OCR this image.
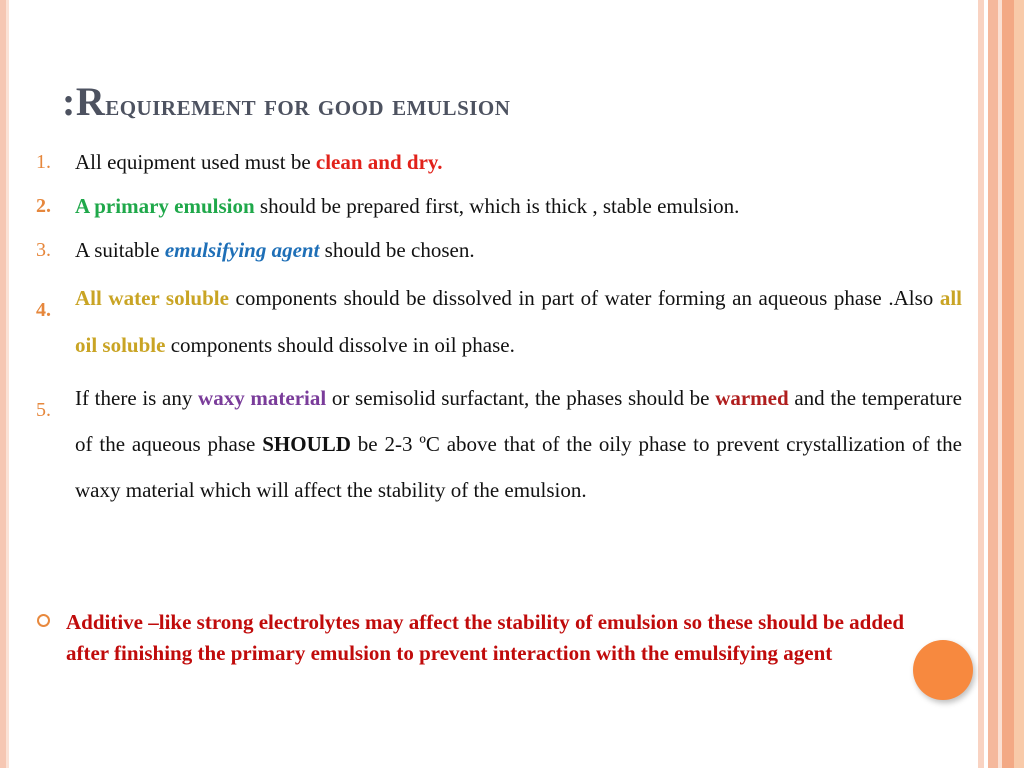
:Requirement for good emulsion
1. All equipment used must be clean and dry.
2. A primary emulsion should be prepared first, which is thick , stable emulsion.
3. A suitable emulsifying agent should be chosen.
4. All water soluble components should be dissolved in part of water forming an aqueous phase .Also all oil soluble components should dissolve in oil phase.
5. If there is any waxy material or semisolid surfactant, the phases should be warmed and the temperature of the aqueous phase SHOULD be 2-3 ºC above that of the oily phase to prevent crystallization of the waxy material which will affect the stability of the emulsion.
Additive –like strong electrolytes may affect the stability of emulsion so these should be added after finishing the primary emulsion to prevent interaction with the emulsifying agent
